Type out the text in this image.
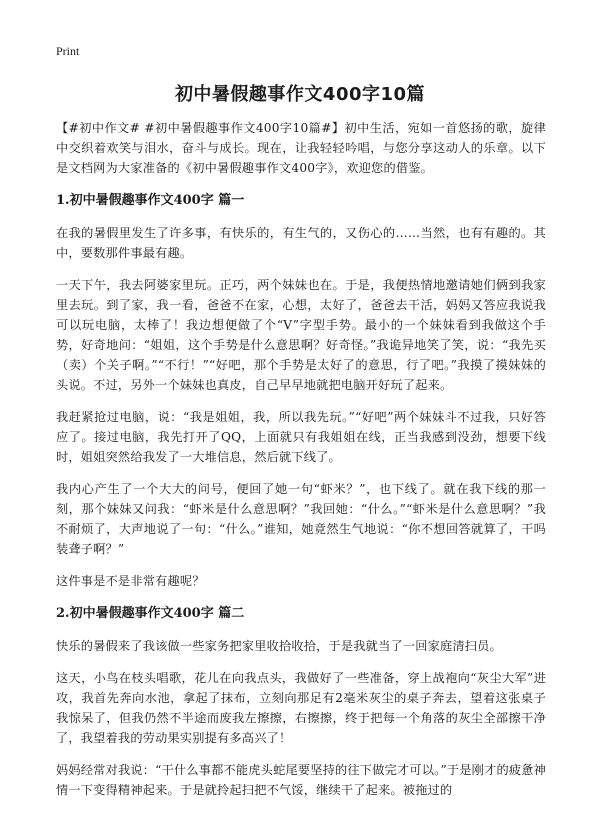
Print
初中暑假趣事作文400字10篇

【#初中作文# #初中暑假趣事作文400字10篇#】初中生活，宛如一首悠扬的歌，旋律中交织着欢笑与泪水，奋斗与成长。现在，让我轻轻吟唱，与您分享这动人的乐章。以下是文档网为大家准备的《初中暑假趣事作文400字》，欢迎您的借鉴。

1.初中暑假趣事作文400字 篇一

在我的暑假里发生了许多事，有快乐的，有生气的，又伤心的……当然，也有有趣的。其中，要数那件事最有趣。

一天下午，我去阿婆家里玩。正巧，两个妹妹也在。于是，我便热情地邀请她们俩到我家里去玩。到了家，我一看，爸爸不在家，心想，太好了，爸爸去干活，妈妈又答应我说我可以玩电脑，太棒了！我边想便做了个“V”字型手势。最小的一个妹妹看到我做这个手势，好奇地问：“姐姐，这个手势是什么意思啊？好奇怪。”我诡异地笑了笑，说：“我先买（卖）个关子啊。”“不行！”“好吧，那个手势是太好了的意思，行了吧。”我摸了摸妹妹的头说。不过，另外一个妹妹也真皮，自己早早地就把电脑开好玩了起来。

我赶紧抢过电脑，说：“我是姐姐，我，所以我先玩。”“好吧”两个妹妹斗不过我，只好答应了。接过电脑，我先打开了QQ，上面就只有我姐姐在线，正当我感到没劲，想要下线时，姐姐突然给我发了一大堆信息，然后就下线了。

我内心产生了一个大大的问号，便回了她一句“虾米？”，也下线了。就在我下线的那一刻，那个妹妹又问我：“虾米是什么意思啊？”我回她：“什么。”“虾米是什么意思啊？”我不耐烦了，大声地说了一句：“什么。”谁知，她竟然生气地说：“你不想回答就算了，干吗装聋子啊？”

这件事是不是非常有趣呢？

2.初中暑假趣事作文400字 篇二

快乐的暑假来了我该做一些家务把家里收拾收拾，于是我就当了一回家庭清扫员。

这天，小鸟在枝头唱歌，花儿在向我点头，我做好了一些准备，穿上战袍向“灰尘大军”进攻，我首先奔向水池，拿起了抹布，立刻向那足有2毫米灰尘的桌子奔去，望着这张桌子我惊呆了，但我仍然不半途而废我左擦擦，右擦擦，终于把每一个角落的灰尘全部擦干净了，我望着我的劳动果实别提有多高兴了！

妈妈经常对我说：“干什么事都不能虎头蛇尾要坚持的往下做完才可以。”于是刚才的疲惫神情一下变得精神起来。于是就拎起扫把不气馁，继续干了起来。被拖过的
